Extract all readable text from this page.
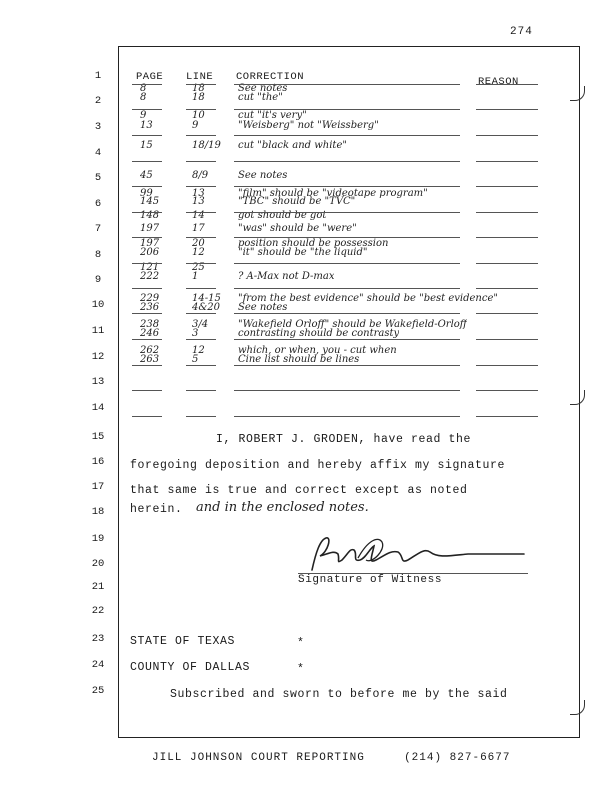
274
1
2
3
4
5
6
7
8
9
10
11
12
13
14
15
16
17
18
19
20
21
22
23
24
25
PAGE LINE CORRECTION	REASON
8	18	See notes
8	18	cut "the"
9	10	cut "it's very"
13	9	"Weisberg" not "Weissberg"
15	18/19 cut "black and white"
45	8/9	See notes
99	13	"film" should be "videotape program"
145	13	"TBC" should be "TVC"
148	14	got should be got
197	17	"was" should be "were"
197	20	position should be possession
206	12	"it" should be "the liquid"
121	25
222	1	? A-Max not D-max
229	14-15 "from the best evidence" should be "best evidence"
236	4&20 See notes
238	3/4	"Wakefield Orloff" should be Wakefield-Orloff
246	3	contrasting should be contrasty
262	12	which, or when, you - cut when
263	5	Cine list should be lines
I, ROBERT J. GRODEN, have read the
foregoing deposition and hereby affix my signature
that same is true and correct except as noted
herein. and in the enclosed notes.
Signature of Witness
STATE OF TEXAS	*
COUNTY OF DALLAS	*
Subscribed and sworn to before me by the said
JILL JOHNSON COURT REPORTING	(214) 827-6677
